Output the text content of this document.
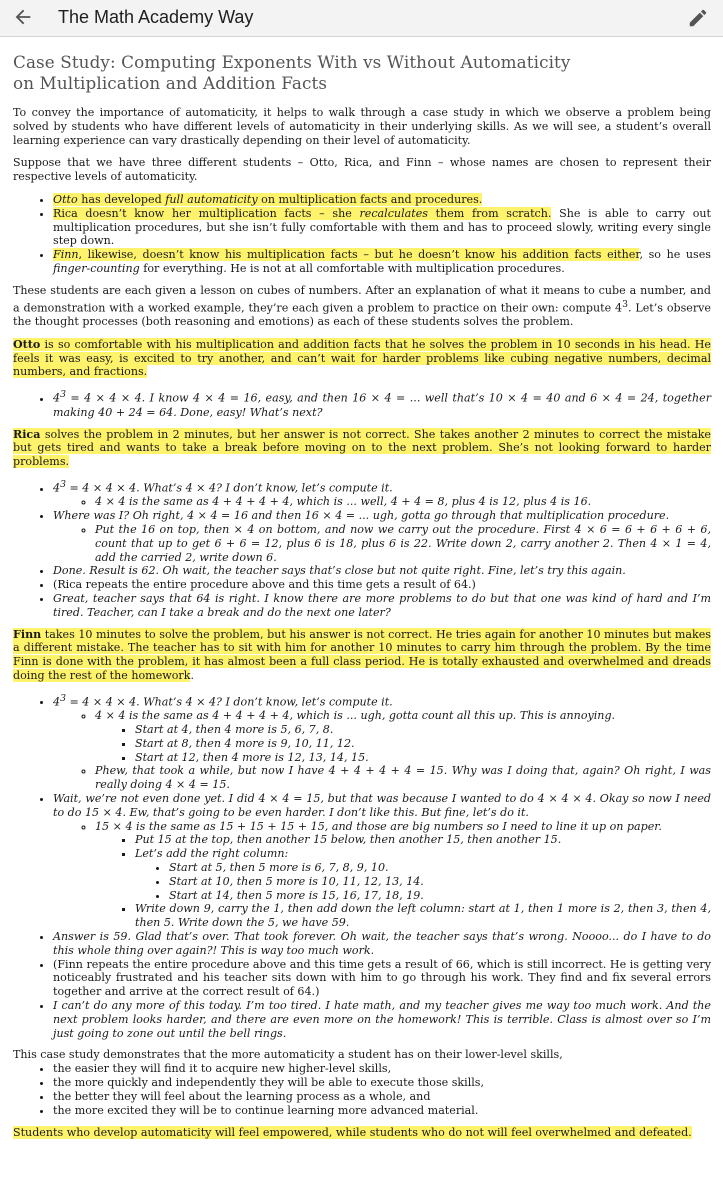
The Math Academy Way
Case Study: Computing Exponents With vs Without Automaticity
on Multiplication and Addition Facts

To convey the importance of automaticity, it helps to walk through a case study in which we observe a problem being solved by students who have different levels of automaticity in their underlying skills. As we will see, a student’s overall learning experience can vary drastically depending on their level of automaticity.

Suppose that we have three different students – Otto, Rica, and Finn – whose names are chosen to represent their respective levels of automaticity.

• Otto has developed full automaticity on multiplication facts and procedures.
• Rica doesn’t know her multiplication facts – she recalculates them from scratch. She is able to carry out multiplication procedures, but she isn’t fully comfortable with them and has to proceed slowly, writing every single step down.
• Finn, likewise, doesn’t know his multiplication facts – but he doesn’t know his addition facts either, so he uses finger-counting for everything. He is not at all comfortable with multiplication procedures.

These students are each given a lesson on cubes of numbers. After an explanation of what it means to cube a number, and a demonstration with a worked example, they’re each given a problem to practice on their own: compute $4^3$. Let’s observe the thought processes (both reasoning and emotions) as each of these students solves the problem.

Otto is so comfortable with his multiplication and addition facts that he solves the problem in 10 seconds in his head. He feels it was easy, is excited to try another, and can’t wait for harder problems like cubing negative numbers, decimal numbers, and fractions.

• $4^3 = 4 \times 4 \times 4$. I know 4 × 4 = 16, easy, and then 16 × 4 = ... well that’s 10 × 4 = 40 and 6 × 4 = 24, together making 40 + 24 = 64. Done, easy! What’s next?

Rica solves the problem in 2 minutes, but her answer is not correct. She takes another 2 minutes to correct the mistake but gets tired and wants to take a break before moving on to the next problem. She’s not looking forward to harder problems.

• $4^3 = 4 \times 4 \times 4$. What’s 4 × 4? I don’t know, let’s compute it.
◦ 4 × 4 is the same as 4 + 4 + 4 + 4, which is ... well, 4 + 4 = 8, plus 4 is 12, plus 4 is 16.
• Where was I? Oh right, 4 × 4 = 16 and then 16 × 4 = ... ugh, gotta go through that multiplication procedure.
◦ Put the 16 on top, then × 4 on bottom, and now we carry out the procedure. First 4 × 6 = 6 + 6 + 6 + 6, count that up to get 6 + 6 = 12, plus 6 is 18, plus 6 is 22. Write down 2, carry another 2. Then 4 × 1 = 4, add the carried 2, write down 6.
• Done. Result is 62. Oh wait, the teacher says that’s close but not quite right. Fine, let’s try this again.
• (Rica repeats the entire procedure above and this time gets a result of 64.)
• Great, teacher says that 64 is right. I know there are more problems to do but that one was kind of hard and I’m tired. Teacher, can I take a break and do the next one later?

Finn takes 10 minutes to solve the problem, but his answer is not correct. He tries again for another 10 minutes but makes a different mistake. The teacher has to sit with him for another 10 minutes to carry him through the problem. By the time Finn is done with the problem, it has almost been a full class period. He is totally exhausted and overwhelmed and dreads doing the rest of the homework.

• $4^3 = 4 \times 4 \times 4$. What’s 4 × 4? I don’t know, let’s compute it.
◦ 4 × 4 is the same as 4 + 4 + 4 + 4, which is ... ugh, gotta count all this up. This is annoying.
▪ Start at 4, then 4 more is 5, 6, 7, 8.
▪ Start at 8, then 4 more is 9, 10, 11, 12.
▪ Start at 12, then 4 more is 12, 13, 14, 15.
◦ Phew, that took a while, but now I have 4 + 4 + 4 + 4 = 15. Why was I doing that, again? Oh right, I was really doing 4 × 4 = 15.
• Wait, we’re not even done yet. I did 4 × 4 = 15, but that was because I wanted to do 4 × 4 × 4. Okay so now I need to do 15 × 4. Ew, that’s going to be even harder. I don’t like this. But fine, let’s do it.
◦ 15 × 4 is the same as 15 + 15 + 15 + 15, and those are big numbers so I need to line it up on paper.
▪ Put 15 at the top, then another 15 below, then another 15, then another 15.
▪ Let’s add the right column:
• Start at 5, then 5 more is 6, 7, 8, 9, 10.
• Start at 10, then 5 more is 10, 11, 12, 13, 14.
• Start at 14, then 5 more is 15, 16, 17, 18, 19.
▪ Write down 9, carry the 1, then add down the left column: start at 1, then 1 more is 2, then 3, then 4, then 5. Write down the 5, we have 59.
• Answer is 59. Glad that’s over. That took forever. Oh wait, the teacher says that’s wrong. Noooo... do I have to do this whole thing over again?! This is way too much work.
• (Finn repeats the entire procedure above and this time gets a result of 66, which is still incorrect. He is getting very noticeably frustrated and his teacher sits down with him to go through his work. They find and fix several errors together and arrive at the correct result of 64.)
• I can’t do any more of this today. I’m too tired. I hate math, and my teacher gives me way too much work. And the next problem looks harder, and there are even more on the homework! This is terrible. Class is almost over so I’m just going to zone out until the bell rings.

This case study demonstrates that the more automaticity a student has on their lower-level skills,

• the easier they will find it to acquire new higher-level skills,
• the more quickly and independently they will be able to execute those skills,
• the better they will feel about the learning process as a whole, and
• the more excited they will be to continue learning more advanced material.

Students who develop automaticity will feel empowered, while students who do not will feel overwhelmed and defeated.
